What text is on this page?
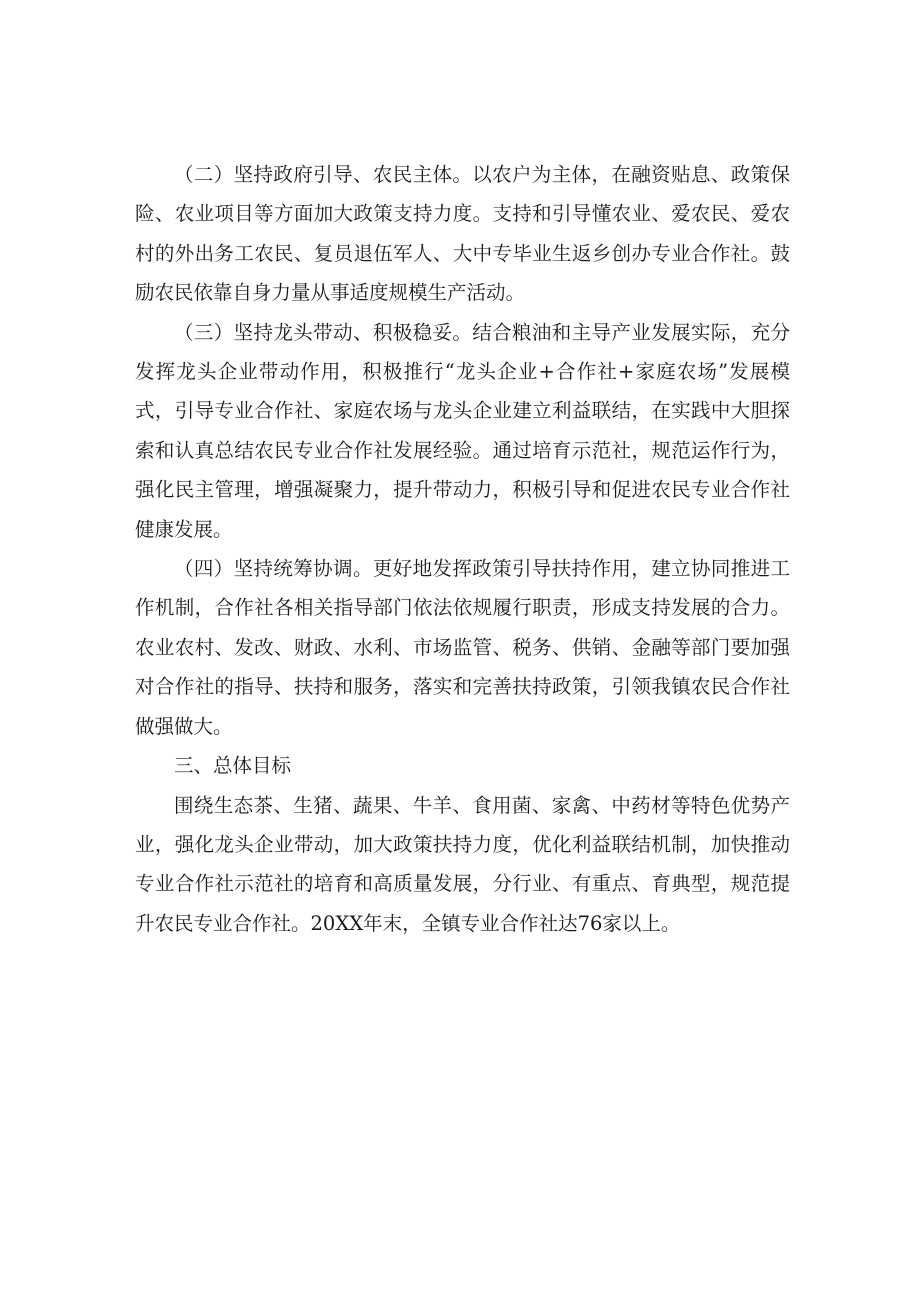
（二）坚持政府引导、农民主体。以农户为主体，在融资贴息、政策保险、农业项目等方面加大政策支持力度。支持和引导懂农业、爱农民、爱农村的外出务工农民、复员退伍军人、大中专毕业生返乡创办专业合作社。鼓励农民依靠自身力量从事适度规模生产活动。

（三）坚持龙头带动、积极稳妥。结合粮油和主导产业发展实际，充分发挥龙头企业带动作用，积极推行“龙头企业+合作社+家庭农场”发展模式，引导专业合作社、家庭农场与龙头企业建立利益联结，在实践中大胆探索和认真总结农民专业合作社发展经验。通过培育示范社，规范运作行为，强化民主管理，增强凝聚力，提升带动力，积极引导和促进农民专业合作社健康发展。

（四）坚持统筹协调。更好地发挥政策引导扶持作用，建立协同推进工作机制，合作社各相关指导部门依法依规履行职责，形成支持发展的合力。农业农村、发改、财政、水利、市场监管、税务、供销、金融等部门要加强对合作社的指导、扶持和服务，落实和完善扶持政策，引领我镇农民合作社做强做大。

三、总体目标

围绕生态茶、生猪、蔬果、牛羊、食用菌、家禽、中药材等特色优势产业，强化龙头企业带动，加大政策扶持力度，优化利益联结机制，加快推动专业合作社示范社的培育和高质量发展，分行业、有重点、育典型，规范提升农民专业合作社。20XX年末，全镇专业合作社达76家以上。
